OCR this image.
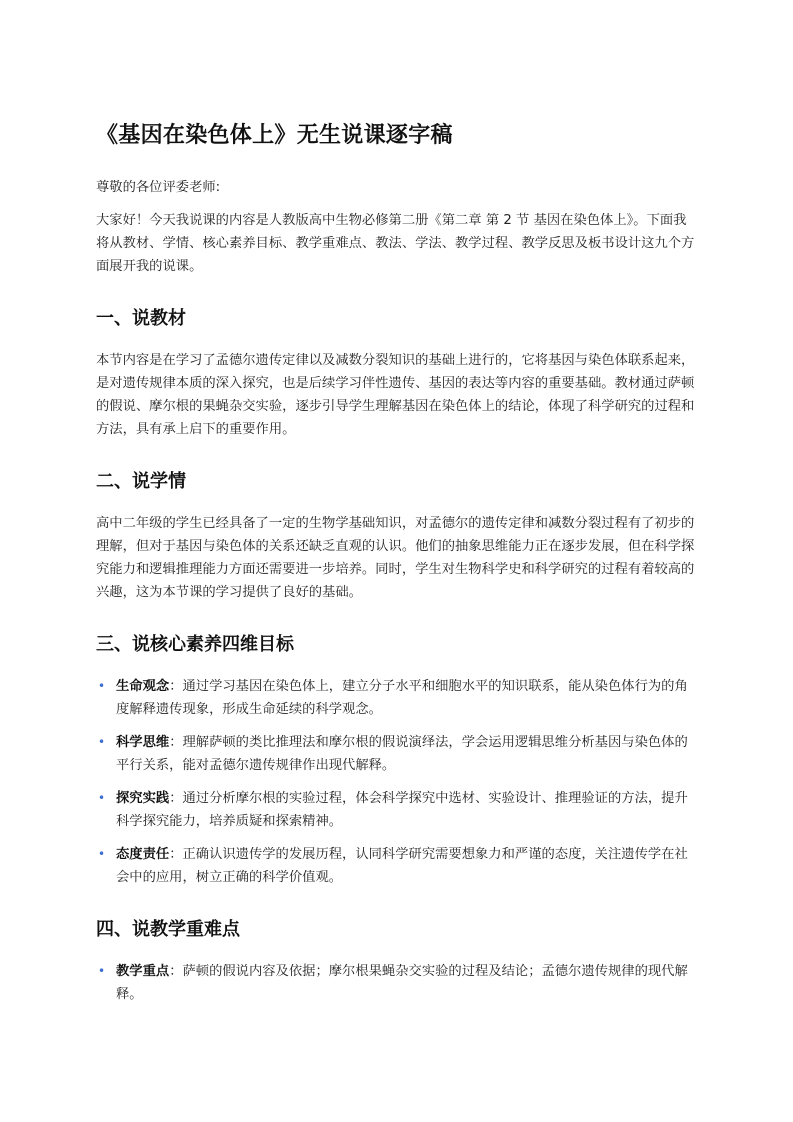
《基因在染色体上》无生说课逐字稿

尊敬的各位评委老师:

大家好！今天我说课的内容是人教版高中生物必修第二册《第二章 第 2 节 基因在染色体上》。下面我将从教材、学情、核心素养目标、教学重难点、教法、学法、教学过程、教学反思及板书设计这九个方面展开我的说课。

一、说教材

本节内容是在学习了孟德尔遗传定律以及减数分裂知识的基础上进行的，它将基因与染色体联系起来，是对遗传规律本质的深入探究，也是后续学习伴性遗传、基因的表达等内容的重要基础。教材通过萨顿的假说、摩尔根的果蝇杂交实验，逐步引导学生理解基因在染色体上的结论，体现了科学研究的过程和方法，具有承上启下的重要作用。

二、说学情

高中二年级的学生已经具备了一定的生物学基础知识，对孟德尔的遗传定律和减数分裂过程有了初步的理解，但对于基因与染色体的关系还缺乏直观的认识。他们的抽象思维能力正在逐步发展，但在科学探究能力和逻辑推理能力方面还需要进一步培养。同时，学生对生物科学史和科学研究的过程有着较高的兴趣，这为本节课的学习提供了良好的基础。

三、说核心素养四维目标
• 生命观念：通过学习基因在染色体上，建立分子水平和细胞水平的知识联系，能从染色体行为的角度解释遗传现象，形成生命延续的科学观念。
• 科学思维：理解萨顿的类比推理法和摩尔根的假说演绎法，学会运用逻辑思维分析基因与染色体的平行关系，能对孟德尔遗传规律作出现代解释。
• 探究实践：通过分析摩尔根的实验过程，体会科学探究中选材、实验设计、推理验证的方法，提升科学探究能力，培养质疑和探索精神。
• 态度责任：正确认识遗传学的发展历程，认同科学研究需要想象力和严谨的态度，关注遗传学在社会中的应用，树立正确的科学价值观。
四、说教学重难点
• 教学重点：萨顿的假说内容及依据；摩尔根果蝇杂交实验的过程及结论；孟德尔遗传规律的现代解释。
